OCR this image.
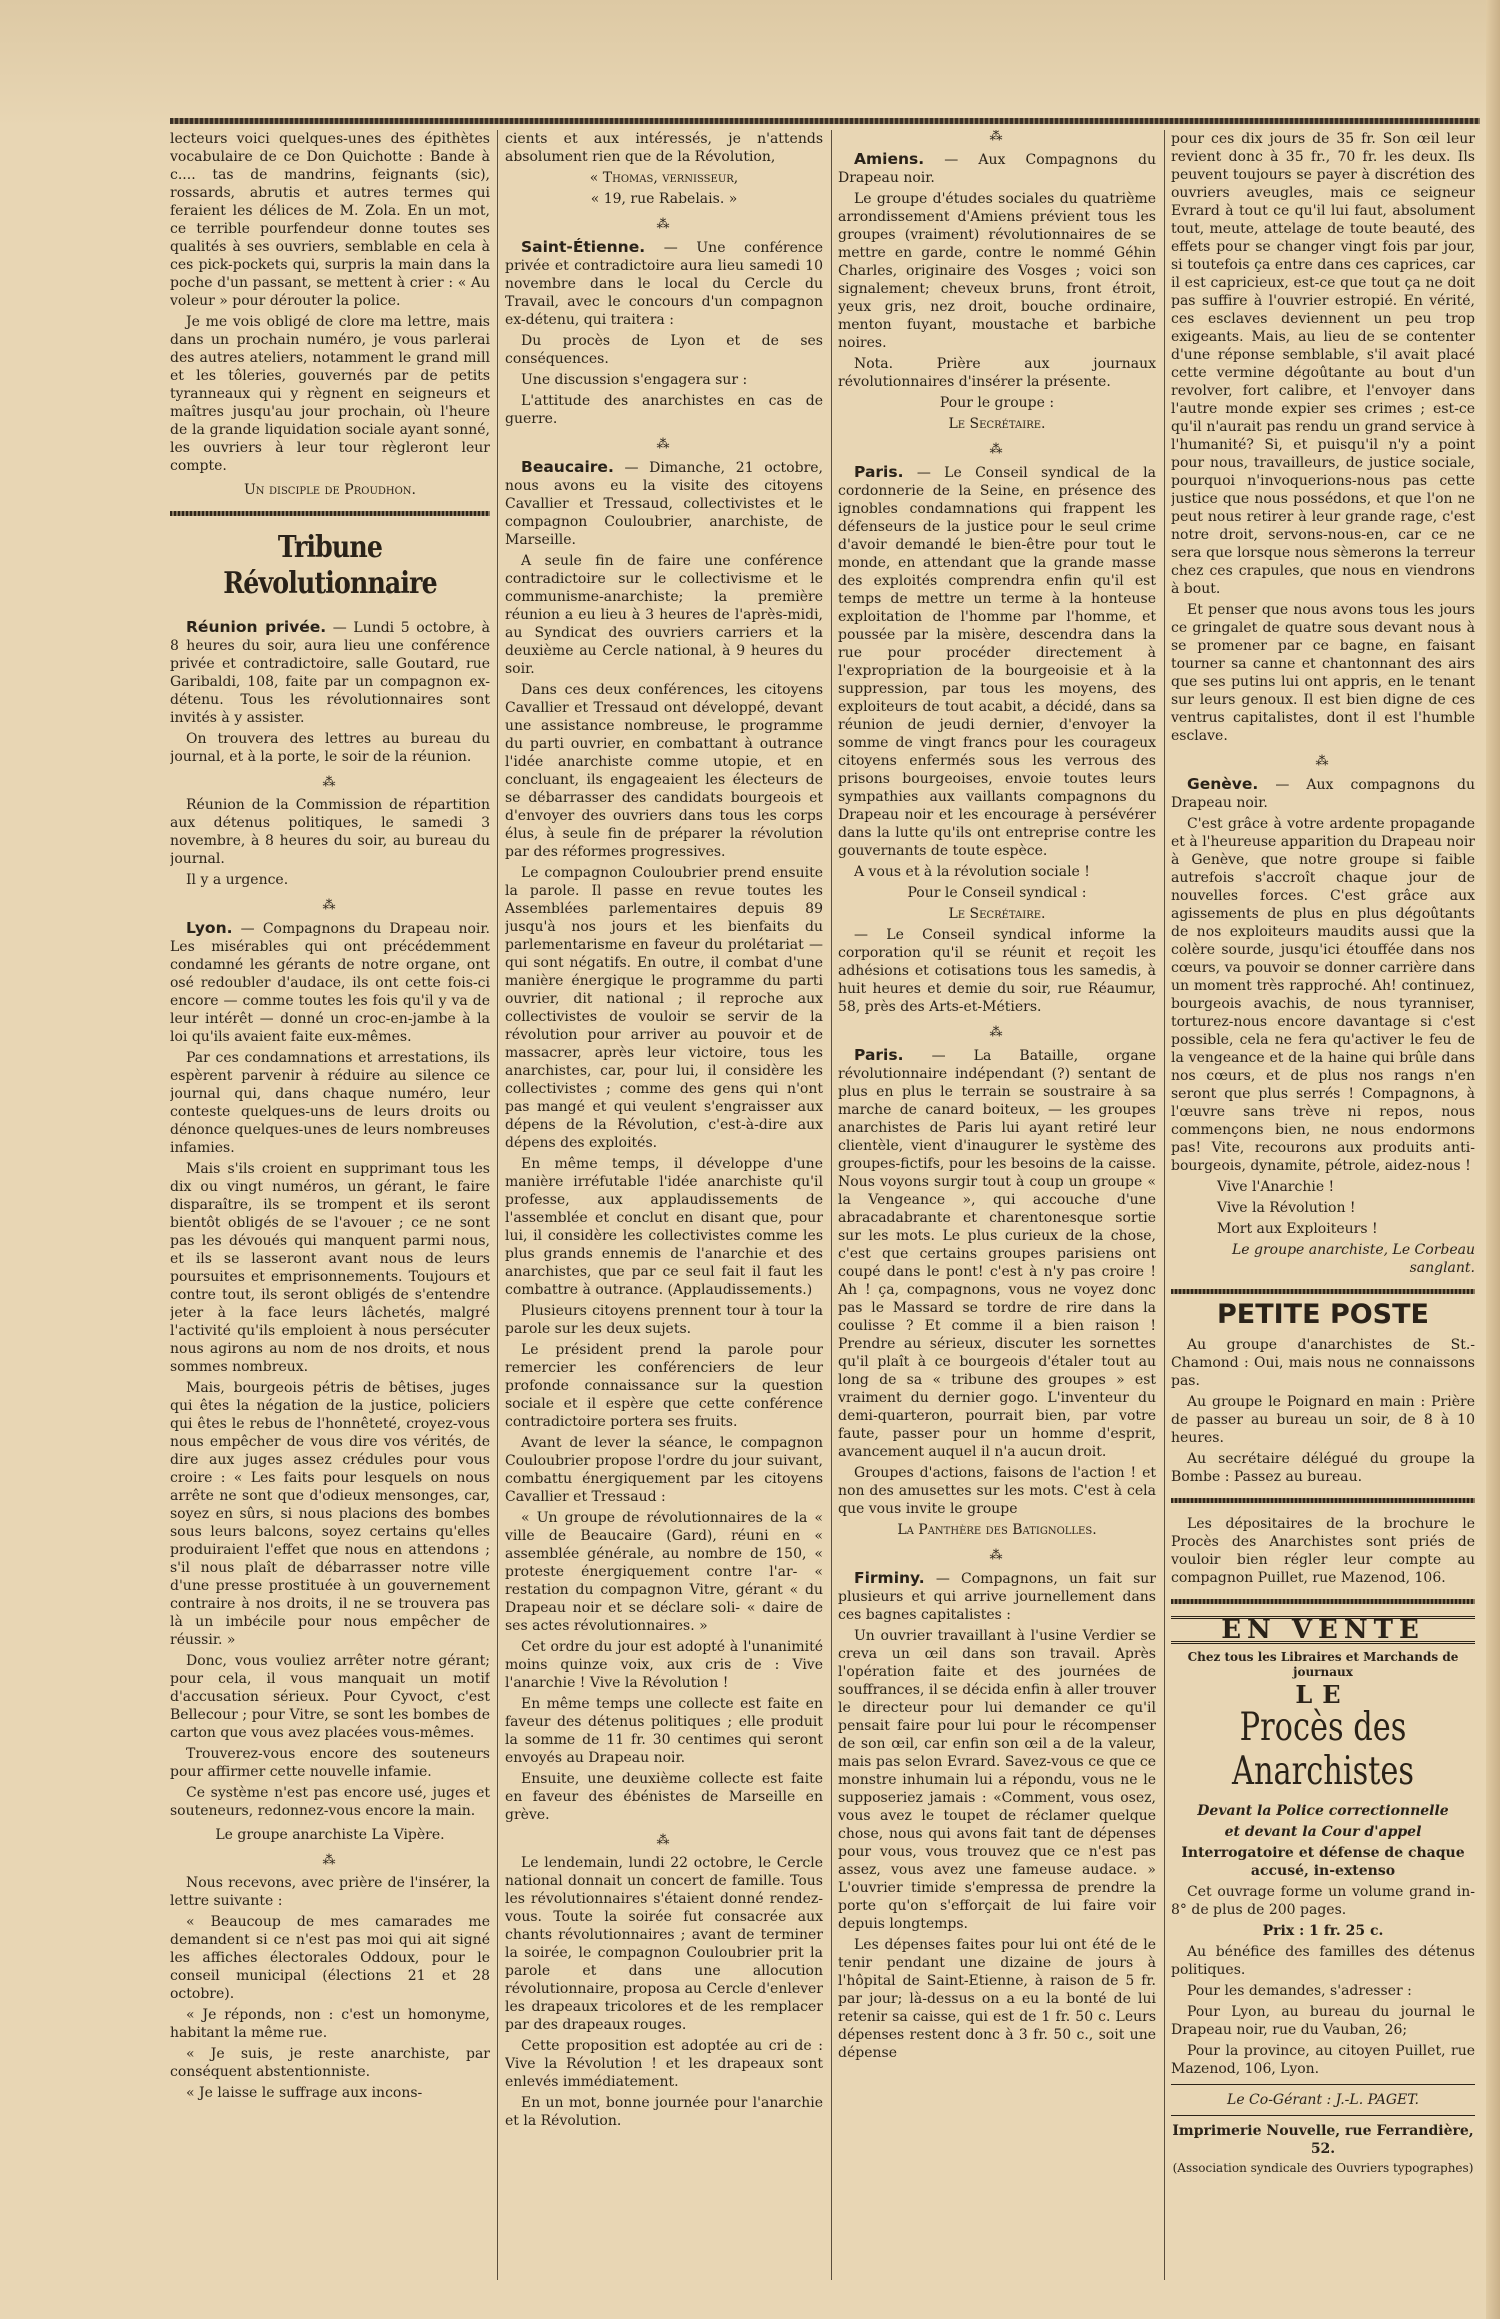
lecteurs voici quelques-unes des épithètes vocabulaire de ce Don Quichotte : Bande à c.... tas de mandrins, feignants (sic), rossards, abrutis et autres termes qui feraient les délices de M. Zola. En un mot, ce terrible pourfendeur donne toutes ses qualités à ses ouvriers, semblable en cela à ces pick-pockets qui, surpris la main dans la poche d'un passant, se mettent à crier : « Au voleur » pour dérouter la police.

Je me vois obligé de clore ma lettre, mais dans un prochain numéro, je vous parlerai des autres ateliers, notamment le grand mill et les tôleries, gouvernés par de petits tyranneaux qui y règnent en seigneurs et maîtres jusqu'au jour prochain, où l'heure de la grande liquidation sociale ayant sonné, les ouvriers à leur tour règleront leur compte.

Un disciple de Proudhon.

Tribune Révolutionnaire

Réunion privée. — Lundi 5 octobre, à 8 heures du soir, aura lieu une conférence privée et contradictoire, salle Goutard, rue Garibaldi, 108, faite par un compagnon ex-détenu. Tous les révolutionnaires sont invités à y assister.

On trouvera des lettres au bureau du journal, et à la porte, le soir de la réunion.

⁂

Réunion de la Commission de répartition aux détenus politiques, le samedi 3 novembre, à 8 heures du soir, au bureau du journal.

Il y a urgence.

⁂

Lyon. — Compagnons du Drapeau noir. Les misérables qui ont précédemment condamné les gérants de notre organe, ont osé redoubler d'audace, ils ont cette fois-ci encore — comme toutes les fois qu'il y va de leur intérêt — donné un croc-en-jambe à la loi qu'ils avaient faite eux-mêmes.

Par ces condamnations et arrestations, ils espèrent parvenir à réduire au silence ce journal qui, dans chaque numéro, leur conteste quelques-uns de leurs droits ou dénonce quelques-unes de leurs nombreuses infamies.

Mais s'ils croient en supprimant tous les dix ou vingt numéros, un gérant, le faire disparaître, ils se trompent et ils seront bientôt obligés de se l'avouer ; ce ne sont pas les dévoués qui manquent parmi nous, et ils se lasseront avant nous de leurs poursuites et emprisonnements. Toujours et contre tout, ils seront obligés de s'entendre jeter à la face leurs lâchetés, malgré l'activité qu'ils emploient à nous persécuter nous agirons au nom de nos droits, et nous sommes nombreux.

Mais, bourgeois pétris de bêtises, juges qui êtes la négation de la justice, policiers qui êtes le rebus de l'honnêteté, croyez-vous nous empêcher de vous dire vos vérités, de dire aux juges assez crédules pour vous croire : « Les faits pour lesquels on nous arrête ne sont que d'odieux mensonges, car, soyez en sûrs, si nous placions des bombes sous leurs balcons, soyez certains qu'elles produiraient l'effet que nous en attendons ; s'il nous plaît de débarrasser notre ville d'une presse prostituée à un gouvernement contraire à nos droits, il ne se trouvera pas là un imbécile pour nous empêcher de réussir. »

Donc, vous vouliez arrêter notre gérant; pour cela, il vous manquait un motif d'accusation sérieux. Pour Cyvoct, c'est Bellecour ; pour Vitre, se sont les bombes de carton que vous avez placées vous-mêmes.

Trouverez-vous encore des souteneurs pour affirmer cette nouvelle infamie.

Ce système n'est pas encore usé, juges et souteneurs, redonnez-vous encore la main.

Le groupe anarchiste La Vipère.

⁂

Nous recevons, avec prière de l'insérer, la lettre suivante :

« Beaucoup de mes camarades me demandent si ce n'est pas moi qui ait signé les affiches électorales Oddoux, pour le conseil municipal (élections 21 et 28 octobre).

« Je réponds, non : c'est un homonyme, habitant la même rue.

« Je suis, je reste anarchiste, par conséquent abstentionniste.

« Je laisse le suffrage aux incons-

cients et aux intéressés, je n'attends absolument rien que de la Révolution,

« Thomas, vernisseur,

« 19, rue Rabelais. »

⁂

Saint-Étienne. — Une conférence privée et contradictoire aura lieu samedi 10 novembre dans le local du Cercle du Travail, avec le concours d'un compagnon ex-détenu, qui traitera :

Du procès de Lyon et de ses conséquences.

Une discussion s'engagera sur :

L'attitude des anarchistes en cas de guerre.

⁂

Beaucaire. — Dimanche, 21 octobre, nous avons eu la visite des citoyens Cavallier et Tressaud, collectivistes et le compagnon Couloubrier, anarchiste, de Marseille.

A seule fin de faire une conférence contradictoire sur le collectivisme et le communisme-anarchiste; la première réunion a eu lieu à 3 heures de l'après-midi, au Syndicat des ouvriers carriers et la deuxième au Cercle national, à 9 heures du soir.

Dans ces deux conférences, les citoyens Cavallier et Tressaud ont développé, devant une assistance nombreuse, le programme du parti ouvrier, en combattant à outrance l'idée anarchiste comme utopie, et en concluant, ils engageaient les électeurs de se débarrasser des candidats bourgeois et d'envoyer des ouvriers dans tous les corps élus, à seule fin de préparer la révolution par des réformes progressives.

Le compagnon Couloubrier prend ensuite la parole. Il passe en revue toutes les Assemblées parlementaires depuis 89 jusqu'à nos jours et les bienfaits du parlementarisme en faveur du prolétariat — qui sont négatifs. En outre, il combat d'une manière énergique le programme du parti ouvrier, dit national ; il reproche aux collectivistes de vouloir se servir de la révolution pour arriver au pouvoir et de massacrer, après leur victoire, tous les anarchistes, car, pour lui, il considère les collectivistes ; comme des gens qui n'ont pas mangé et qui veulent s'engraisser aux dépens de la Révolution, c'est-à-dire aux dépens des exploités.

En même temps, il développe d'une manière irréfutable l'idée anarchiste qu'il professe, aux applaudissements de l'assemblée et conclut en disant que, pour lui, il considère les collectivistes comme les plus grands ennemis de l'anarchie et des anarchistes, que par ce seul fait il faut les combattre à outrance. (Applaudissements.)

Plusieurs citoyens prennent tour à tour la parole sur les deux sujets.

Le président prend la parole pour remercier les conférenciers de leur profonde connaissance sur la question sociale et il espère que cette conférence contradictoire portera ses fruits.

Avant de lever la séance, le compagnon Couloubrier propose l'ordre du jour suivant, combattu énergiquement par les citoyens Cavallier et Tressaud :

« Un groupe de révolutionnaires de la « ville de Beaucaire (Gard), réuni en « assemblée générale, au nombre de 150, « proteste énergiquement contre l'ar- « restation du compagnon Vitre, gérant « du Drapeau noir et se déclare soli- « daire de ses actes révolutionnaires. »

Cet ordre du jour est adopté à l'unanimité moins quinze voix, aux cris de : Vive l'anarchie ! Vive la Révolution !

En même temps une collecte est faite en faveur des détenus politiques ; elle produit la somme de 11 fr. 30 centimes qui seront envoyés au Drapeau noir.

Ensuite, une deuxième collecte est faite en faveur des ébénistes de Marseille en grève.

⁂

Le lendemain, lundi 22 octobre, le Cercle national donnait un concert de famille. Tous les révolutionnaires s'étaient donné rendez-vous. Toute la soirée fut consacrée aux chants révolutionnaires ; avant de terminer la soirée, le compagnon Couloubrier prit la parole et dans une allocution révolutionnaire, proposa au Cercle d'enlever les drapeaux tricolores et de les remplacer par des drapeaux rouges.

Cette proposition est adoptée au cri de : Vive la Révolution ! et les drapeaux sont enlevés immédiatement.

En un mot, bonne journée pour l'anarchie et la Révolution.

⁂

Amiens. — Aux Compagnons du Drapeau noir.

Le groupe d'études sociales du quatrième arrondissement d'Amiens prévient tous les groupes (vraiment) révolutionnaires de se mettre en garde, contre le nommé Géhin Charles, originaire des Vosges ; voici son signalement; cheveux bruns, front étroit, yeux gris, nez droit, bouche ordinaire, menton fuyant, moustache et barbiche noires.

Nota. Prière aux journaux révolutionnaires d'insérer la présente.

Pour le groupe :

Le Secrétaire.

⁂

Paris. — Le Conseil syndical de la cordonnerie de la Seine, en présence des ignobles condamnations qui frappent les défenseurs de la justice pour le seul crime d'avoir demandé le bien-être pour tout le monde, en attendant que la grande masse des exploités comprendra enfin qu'il est temps de mettre un terme à la honteuse exploitation de l'homme par l'homme, et poussée par la misère, descendra dans la rue pour procéder directement à l'expropriation de la bourgeoisie et à la suppression, par tous les moyens, des exploiteurs de tout acabit, a décidé, dans sa réunion de jeudi dernier, d'envoyer la somme de vingt francs pour les courageux citoyens enfermés sous les verrous des prisons bourgeoises, envoie toutes leurs sympathies aux vaillants compagnons du Drapeau noir et les encourage à persévérer dans la lutte qu'ils ont entreprise contre les gouvernants de toute espèce.

A vous et à la révolution sociale !

Pour le Conseil syndical :

Le Secrétaire.

— Le Conseil syndical informe la corporation qu'il se réunit et reçoit les adhésions et cotisations tous les samedis, à huit heures et demie du soir, rue Réaumur, 58, près des Arts-et-Métiers.

⁂

Paris. — La Bataille, organe révolutionnaire indépendant (?) sentant de plus en plus le terrain se soustraire à sa marche de canard boiteux, — les groupes anarchistes de Paris lui ayant retiré leur clientèle, vient d'inaugurer le système des groupes-fictifs, pour les besoins de la caisse. Nous voyons surgir tout à coup un groupe « la Vengeance », qui accouche d'une abracadabrante et charentonesque sortie sur les mots. Le plus curieux de la chose, c'est que certains groupes parisiens ont coupé dans le pont! c'est à n'y pas croire ! Ah ! ça, compagnons, vous ne voyez donc pas le Massard se tordre de rire dans la coulisse ? Et comme il a bien raison ! Prendre au sérieux, discuter les sornettes qu'il plaît à ce bourgeois d'étaler tout au long de sa « tribune des groupes » est vraiment du dernier gogo. L'inventeur du demi-quarteron, pourrait bien, par votre faute, passer pour un homme d'esprit, avancement auquel il n'a aucun droit.

Groupes d'actions, faisons de l'action ! et non des amusettes sur les mots. C'est à cela que vous invite le groupe

La Panthère des Batignolles.

⁂

Firminy. — Compagnons, un fait sur plusieurs et qui arrive journellement dans ces bagnes capitalistes :

Un ouvrier travaillant à l'usine Verdier se creva un œil dans son travail. Après l'opération faite et des journées de souffrances, il se décida enfin à aller trouver le directeur pour lui demander ce qu'il pensait faire pour lui pour le récompenser de son œil, car enfin son œil a de la valeur, mais pas selon Evrard. Savez-vous ce que ce monstre inhumain lui a répondu, vous ne le supposeriez jamais : «Comment, vous osez, vous avez le toupet de réclamer quelque chose, nous qui avons fait tant de dépenses pour vous, vous trouvez que ce n'est pas assez, vous avez une fameuse audace. » L'ouvrier timide s'empressa de prendre la porte qu'on s'efforçait de lui faire voir depuis longtemps.

Les dépenses faites pour lui ont été de le tenir pendant une dizaine de jours à l'hôpital de Saint-Etienne, à raison de 5 fr. par jour; là-dessus on a eu la bonté de lui retenir sa caisse, qui est de 1 fr. 50 c. Leurs dépenses restent donc à 3 fr. 50 c., soit une dépense

pour ces dix jours de 35 fr. Son œil leur revient donc à 35 fr., 70 fr. les deux. Ils peuvent toujours se payer à discrétion des ouvriers aveugles, mais ce seigneur Evrard à tout ce qu'il lui faut, absolument tout, meute, attelage de toute beauté, des effets pour se changer vingt fois par jour, si toutefois ça entre dans ces caprices, car il est capricieux, est-ce que tout ça ne doit pas suffire à l'ouvrier estropié. En vérité, ces esclaves deviennent un peu trop exigeants. Mais, au lieu de se contenter d'une réponse semblable, s'il avait placé cette vermine dégoûtante au bout d'un revolver, fort calibre, et l'envoyer dans l'autre monde expier ses crimes ; est-ce qu'il n'aurait pas rendu un grand service à l'humanité? Si, et puisqu'il n'y a point pour nous, travailleurs, de justice sociale, pourquoi n'invoquerions-nous pas cette justice que nous possédons, et que l'on ne peut nous retirer à leur grande rage, c'est notre droit, servons-nous-en, car ce ne sera que lorsque nous sèmerons la terreur chez ces crapules, que nous en viendrons à bout.

Et penser que nous avons tous les jours ce gringalet de quatre sous devant nous à se promener par ce bagne, en faisant tourner sa canne et chantonnant des airs que ses putins lui ont appris, en le tenant sur leurs genoux. Il est bien digne de ces ventrus capitalistes, dont il est l'humble esclave.

⁂

Genève. — Aux compagnons du Drapeau noir.

C'est grâce à votre ardente propagande et à l'heureuse apparition du Drapeau noir à Genève, que notre groupe si faible autrefois s'accroît chaque jour de nouvelles forces. C'est grâce aux agissements de plus en plus dégoûtants de nos exploiteurs maudits aussi que la colère sourde, jusqu'ici étouffée dans nos cœurs, va pouvoir se donner carrière dans un moment très rapproché. Ah! continuez, bourgeois avachis, de nous tyranniser, torturez-nous encore davantage si c'est possible, cela ne fera qu'activer le feu de la vengeance et de la haine qui brûle dans nos cœurs, et de plus nos rangs n'en seront que plus serrés ! Compagnons, à l'œuvre sans trève ni repos, nous commençons bien, ne nous endormons pas! Vite, recourons aux produits anti-bourgeois, dynamite, pétrole, aidez-nous !

Vive l'Anarchie !

Vive la Révolution !

Mort aux Exploiteurs !

Le groupe anarchiste, Le Corbeau sanglant.

PETITE POSTE

Au groupe d'anarchistes de St.-Chamond : Oui, mais nous ne connaissons pas.

Au groupe le Poignard en main : Prière de passer au bureau un soir, de 8 à 10 heures.

Au secrétaire délégué du groupe la Bombe : Passez au bureau.

Les dépositaires de la brochure le Procès des Anarchistes sont priés de vouloir bien régler leur compte au compagnon Puillet, rue Mazenod, 106.

EN VENTE

Chez tous les Libraires et Marchands de journaux

LE
Procès des Anarchistes

Devant la Police correctionnelle

et devant la Cour d'appel

Interrogatoire et défense de chaque accusé, in-extenso

Cet ouvrage forme un volume grand in-8° de plus de 200 pages.

Prix : 1 fr. 25 c.

Au bénéfice des familles des détenus politiques.

Pour les demandes, s'adresser :

Pour Lyon, au bureau du journal le Drapeau noir, rue du Vauban, 26;

Pour la province, au citoyen Puillet, rue Mazenod, 106, Lyon.

Le Co-Gérant : J.-L. PAGET.

Imprimerie Nouvelle, rue Ferrandière, 52.

(Association syndicale des Ouvriers typographes)
